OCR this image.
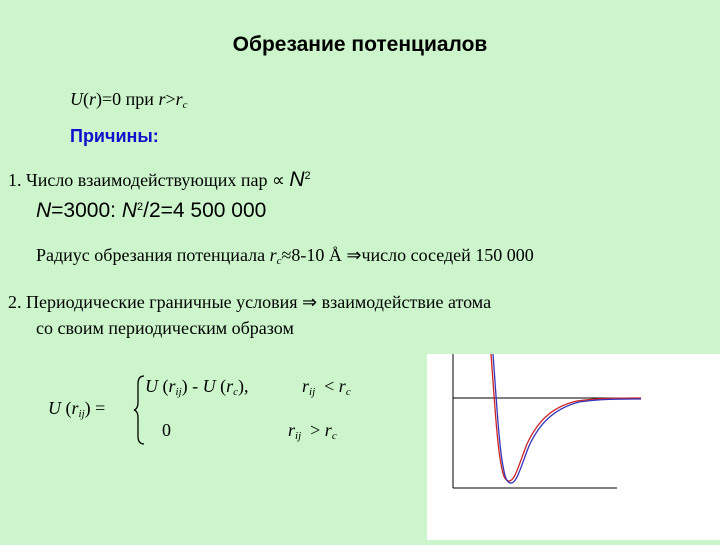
Обрезание потенциалов
U(r)=0 при $r>r_c$
Причины:
1. Число взаимодействующих пар ∝ $N^2$
N=3000: $N^2/2=4$ 500 000
Радиус обрезания потенциала $r_c\approx 8-10$ Å ⇒число соседей 150 000
2. Периодические граничные условия ⇒ взаимодействие атома
со своим периодическим образом
U $(r_{ij})$ =
U $(r_{ij})$ - U $(r_c)$,	$r_{ij} < r_c$
0	$r_{ij} > r_c$
